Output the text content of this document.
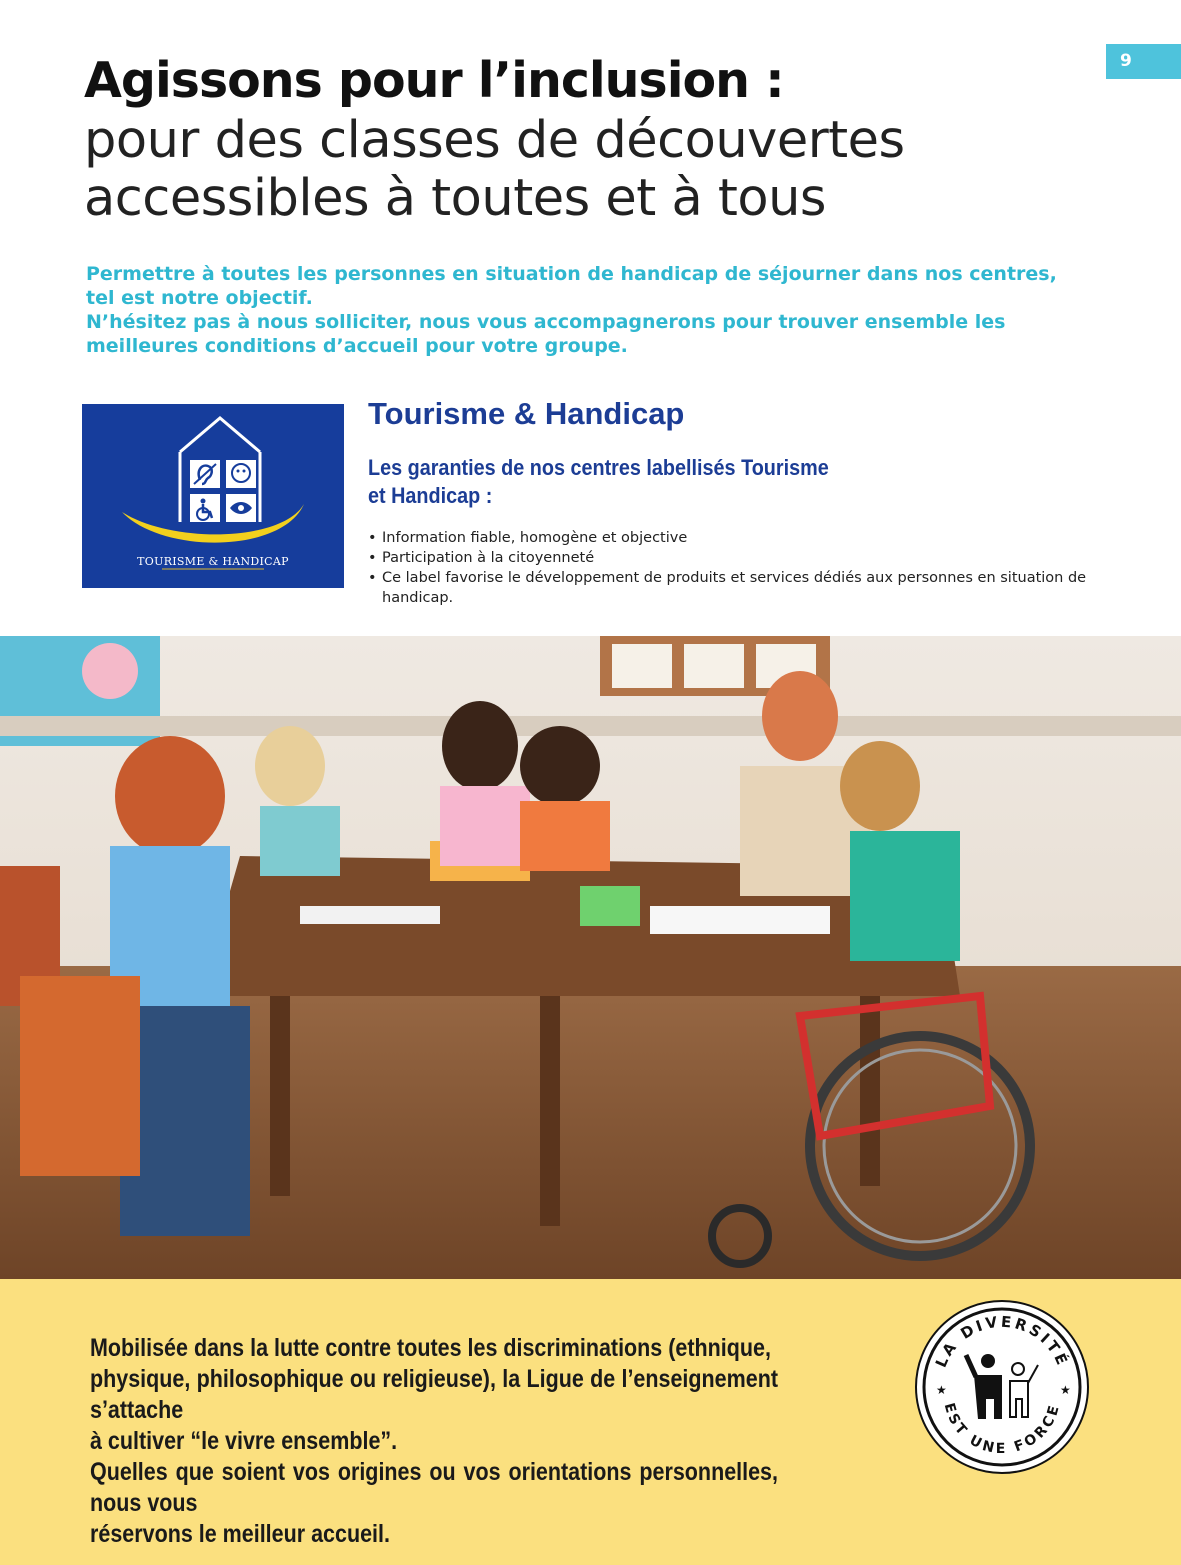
9
Agissons pour l’inclusion :
pour des classes de découvertes
accessibles à toutes et à tous

Permettre à toutes les personnes en situation de handicap de séjourner dans nos centres,

tel est notre objectif.

N’hésitez pas à nous solliciter, nous vous accompagnerons pour trouver ensemble les

meilleures conditions d’accueil pour votre groupe.

TOURISME & HANDICAP
Tourisme & Handicap
Les garanties de nos centres labellisés Tourisme
et Handicap :
• Information fiable, homogène et objective
• Participation à la citoyenneté
• Ce label favorise le développement de produits et services dédiés aux personnes en situation de handicap.

Mobilisée dans la lutte contre toutes les discriminations (ethnique,

physique, philosophique ou religieuse), la Ligue de l’enseignement s’attache

à cultiver “le vivre ensemble”.

Quelles que soient vos origines ou vos orientations personnelles, nous vous

réservons le meilleur accueil.

LA DIVERSITÉ
EST UNE FORCE
★	★
